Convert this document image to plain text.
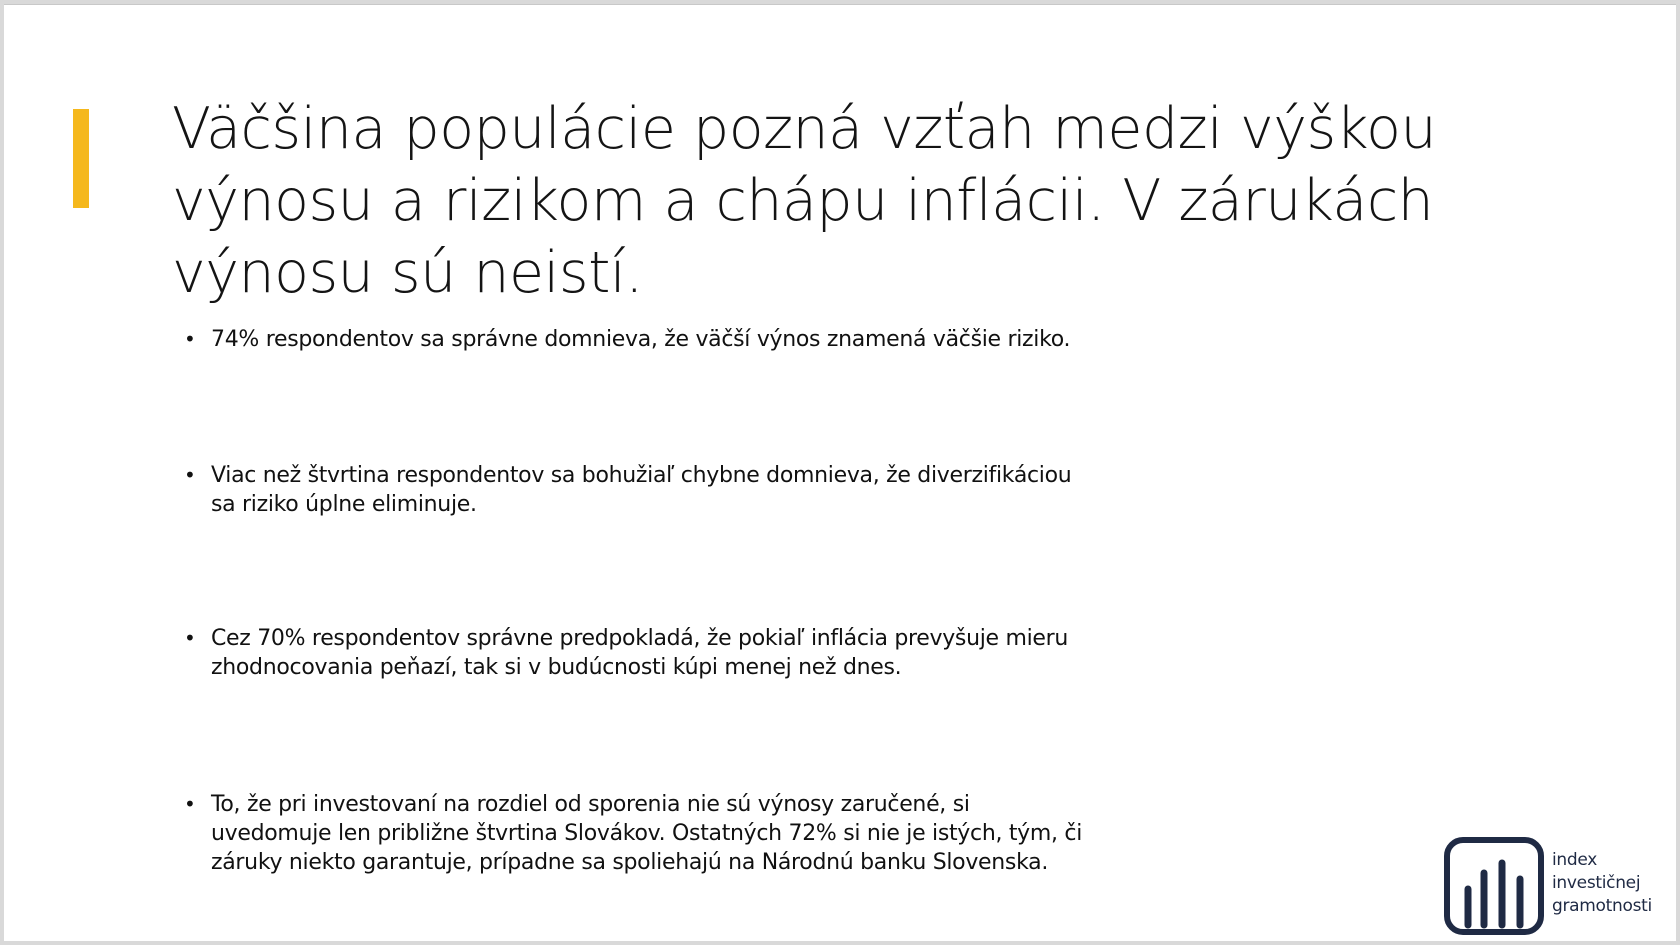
Väčšina populácie pozná vzťah medzi výškou výnosu a rizikom a chápu inflácii. V zárukách výnosu sú neistí.
• 74% respondentov sa správne domnieva, že väčší výnos znamená väčšie riziko.
• Viac než štvrtina respondentov sa bohužiaľ chybne domnieva, že diverzifikáciou sa riziko úplne eliminuje.
• Cez 70% respondentov správne predpokladá, že pokiaľ inflácia prevyšuje mieru zhodnocovania peňazí, tak si v budúcnosti kúpi menej než dnes.
• To, že pri investovaní na rozdiel od sporenia nie sú výnosy zaručené, si uvedomuje len približne štvrtina Slovákov. Ostatných 72% si nie je istých, tým, či záruky niekto garantuje, prípadne sa spoliehajú na Národnú banku Slovenska.	index
investičnej
gramotnosti
